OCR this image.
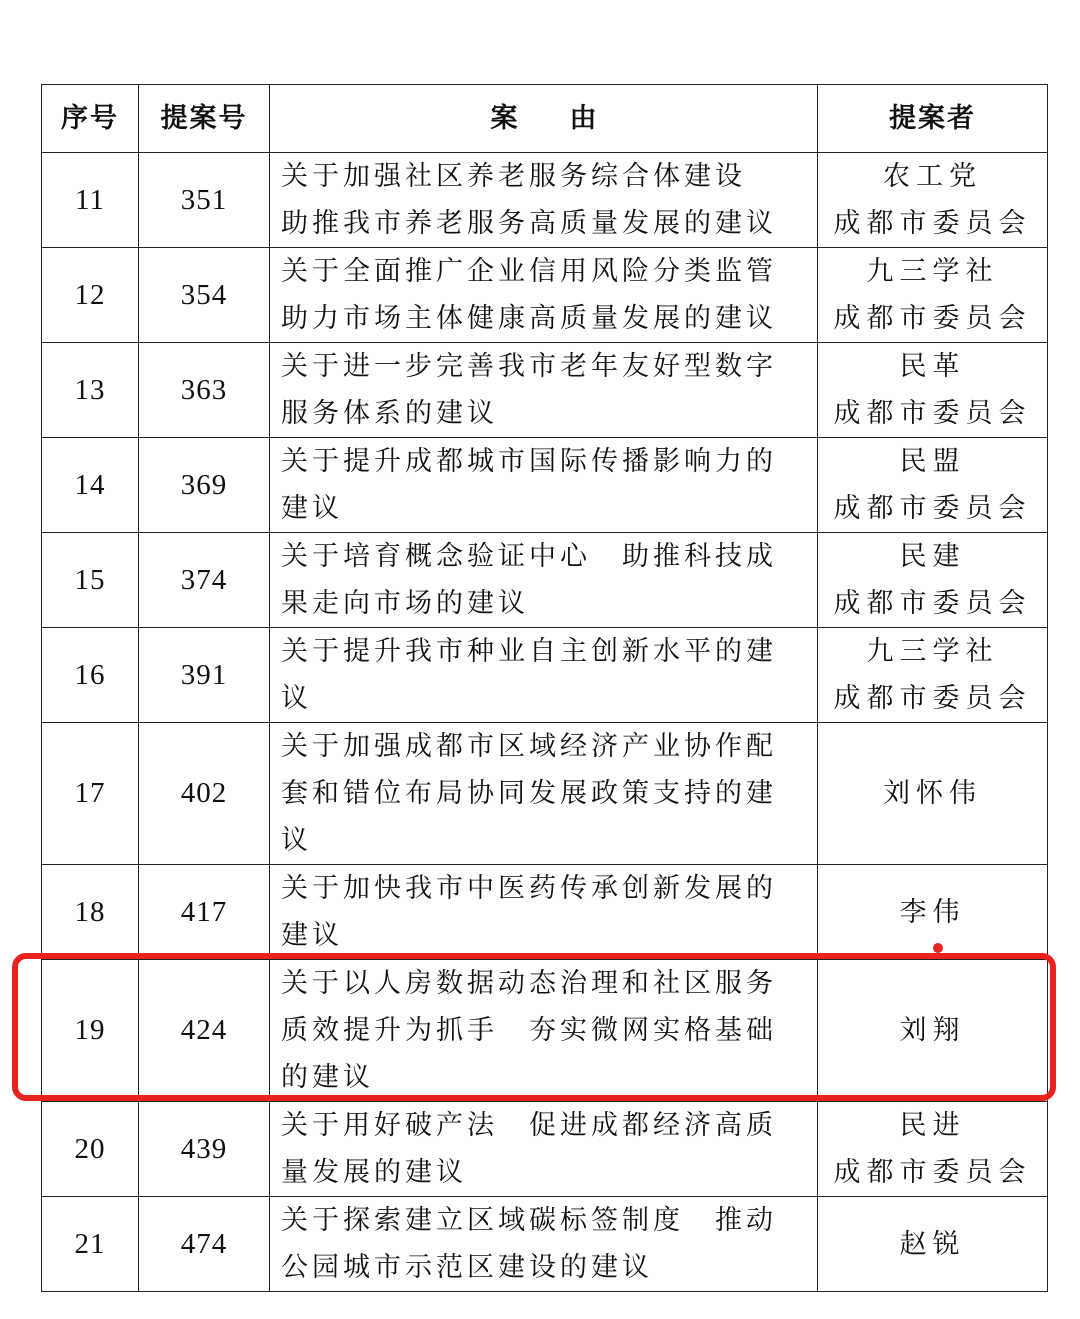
序号	提案号	案由	提案者
11	351	关于加强社区养老服务综合体建设
助推我市养老服务高质量发展的建议	农工党
成都市委员会
12	354	关于全面推广企业信用风险分类监管
助力市场主体健康高质量发展的建议	九三学社
成都市委员会
13	363	关于进一步完善我市老年友好型数字
服务体系的建议	民革
成都市委员会
14	369	关于提升成都城市国际传播影响力的
建议	民盟
成都市委员会
15	374	关于培育概念验证中心　助推科技成
果走向市场的建议	民建
成都市委员会
16	391	关于提升我市种业自主创新水平的建
议	九三学社
成都市委员会
17	402	关于加强成都市区域经济产业协作配
套和错位布局协同发展政策支持的建
议	刘怀伟
18	417	关于加快我市中医药传承创新发展的
建议	李伟
19	424	关于以人房数据动态治理和社区服务
质效提升为抓手　夯实微网实格基础
的建议	刘翔
20	439	关于用好破产法　促进成都经济高质
量发展的建议	民进
成都市委员会
21	474	关于探索建立区域碳标签制度　推动
公园城市示范区建设的建议	赵锐
